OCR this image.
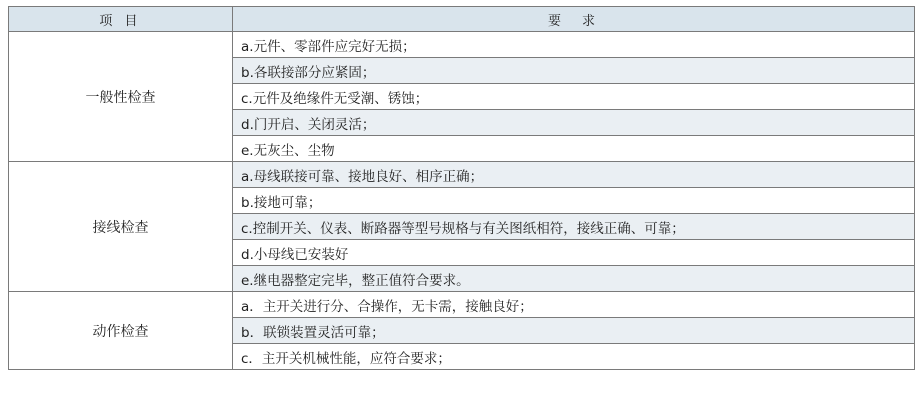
项 目	要　求
一般性检查	a.元件、零部件应完好无损；
	b.各联接部分应紧固；
	c.元件及绝缘件无受潮、锈蚀；
	d.门开启、关闭灵活；
	e.无灰尘、尘物
接线检查	a.母线联接可靠、接地良好、相序正确；
	b.接地可靠；
	c.控制开关、仪表、断路器等型号规格与有关图纸相符，接线正确、可靠；
	d.小母线已安装好
	e.继电器整定完毕，整正值符合要求。
动作检查	a．主开关进行分、合操作，无卡需，接触良好；
	b．联锁装置灵活可靠；
	c．主开关机械性能，应符合要求；
